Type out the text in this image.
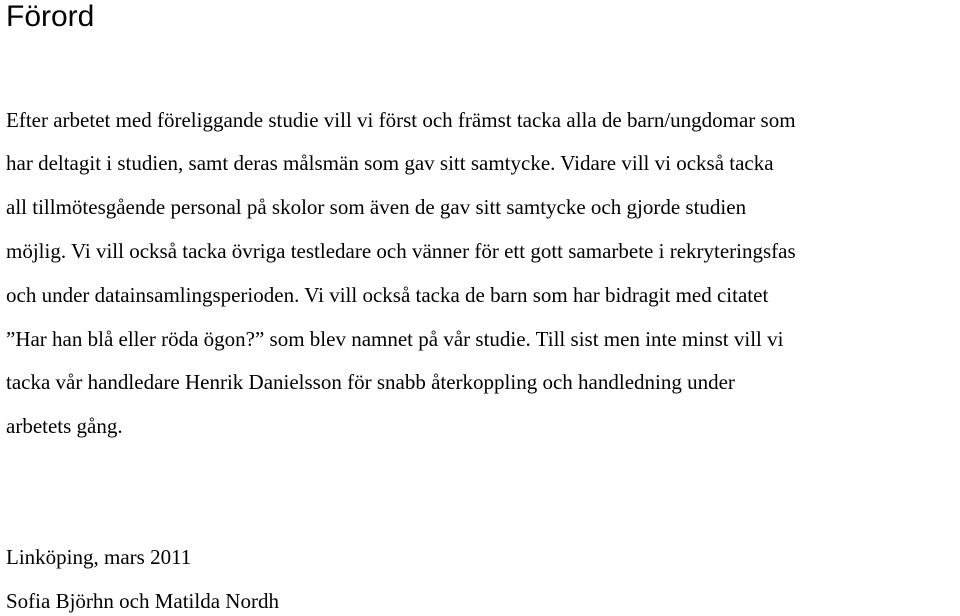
Förord

Efter arbetet med föreliggande studie vill vi först och främst tacka alla de barn/ungdomar som

har deltagit i studien, samt deras målsmän som gav sitt samtycke. Vidare vill vi också tacka

all tillmötesgående personal på skolor som även de gav sitt samtycke och gjorde studien

möjlig. Vi vill också tacka övriga testledare och vänner för ett gott samarbete i rekryteringsfas

och under datainsamlingsperioden. Vi vill också tacka de barn som har bidragit med citatet

”Har han blå eller röda ögon?” som blev namnet på vår studie. Till sist men inte minst vill vi

tacka vår handledare Henrik Danielsson för snabb återkoppling och handledning under

arbetets gång.

Linköping, mars 2011

Sofia Björhn och Matilda Nordh
